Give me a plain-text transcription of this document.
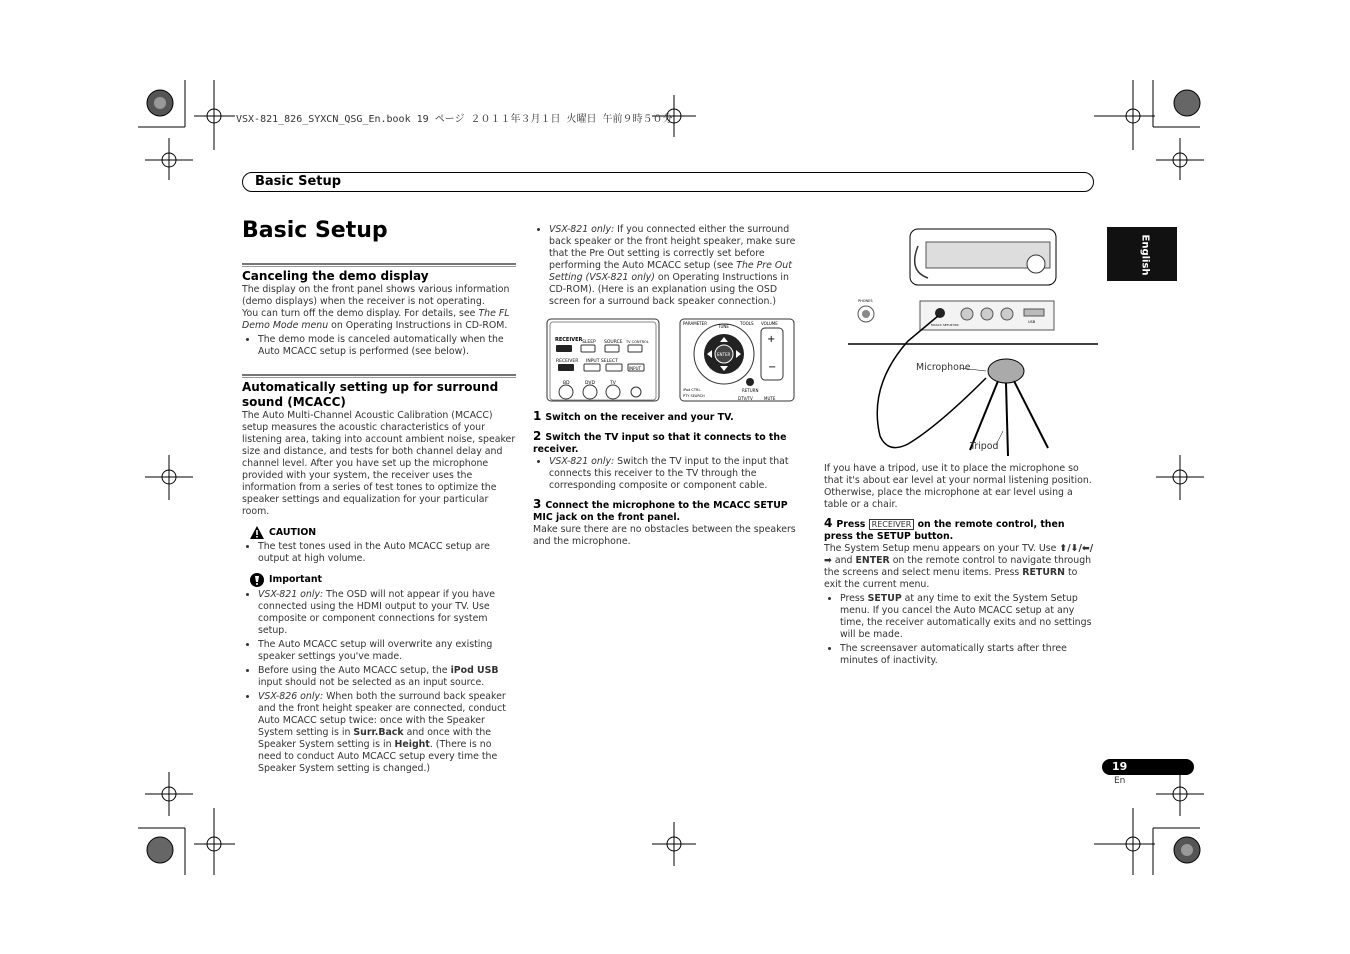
VSX-821_826_SYXCN_QSG_En.book 19 ページ ２０１１年３月１日 火曜日 午前９時５０分
Basic Setup
English
Basic Setup

Canceling the demo display

The display on the front panel shows various information (demo displays) when the receiver is not operating.

You can turn off the demo display. For details, see The FL Demo Mode menu on Operating Instructions in CD-ROM.

• The demo mode is canceled automatically when the Auto MCACC setup is performed (see below).

Automatically setting up for surround sound (MCACC)

The Auto Multi-Channel Acoustic Calibration (MCACC) setup measures the acoustic characteristics of your listening area, taking into account ambient noise, speaker size and distance, and tests for both channel delay and channel level. After you have set up the microphone provided with your system, the receiver uses the information from a series of test tones to optimize the speaker settings and equalization for your particular room.

CAUTION
• The test tones used in the Auto MCACC setup are output at high volume.
Important
• VSX-821 only: The OSD will not appear if you have connected using the HDMI output to your TV. Use composite or component connections for system setup.
• The Auto MCACC setup will overwrite any existing speaker settings you've made.
• Before using the Auto MCACC setup, the iPod USB input should not be selected as an input source.
• VSX-826 only: When both the surround back speaker and the front height speaker are connected, conduct Auto MCACC setup twice: once with the Speaker System setting is in Surr.Back and once with the Speaker System setting is in Height. (There is no need to conduct Auto MCACC setup every time the Speaker System setting is changed.)
• VSX-821 only: If you connected either the surround back speaker or the front height speaker, make sure that the Pre Out setting is correctly set before performing the Auto MCACC setup (see The Pre Out Setting (VSX-821 only) on Operating Instructions in CD-ROM). (Here is an explanation using the OSD screen for a surround back speaker connection.)
RECEIVER SLEEP SOURCE TV CONTROL
RECEIVER INPUT SELECT
INPUT
BD	DVD	TV
PARAMETER	TOOLS VOLUME
ENTER
TUNE
+
−
RETURN
iPod CTRL
PTY SEARCH	DTV/TV	MUTE
1 Switch on the receiver and your TV.
2 Switch the TV input so that it connects to the receiver.
• VSX-821 only: Switch the TV input to the input that connects this receiver to the TV through the corresponding composite or component cable.
3 Connect the microphone to the MCACC SETUP MIC jack on the front panel.

Make sure there are no obstacles between the speakers and the microphone.

PHONES
MCACC SETUP MIC
USB
Microphone
Tripod

If you have a tripod, use it to place the microphone so that it's about ear level at your normal listening position. Otherwise, place the microphone at ear level using a table or a chair.

4 Press RECEIVER on the remote control, then press the SETUP button.

The System Setup menu appears on your TV. Use ⬆/⬇/⬅/➡ and ENTER on the remote control to navigate through the screens and select menu items. Press RETURN to exit the current menu.

• Press SETUP at any time to exit the System Setup menu. If you cancel the Auto MCACC setup at any time, the receiver automatically exits and no settings will be made.
• The screensaver automatically starts after three minutes of inactivity.
19
En
